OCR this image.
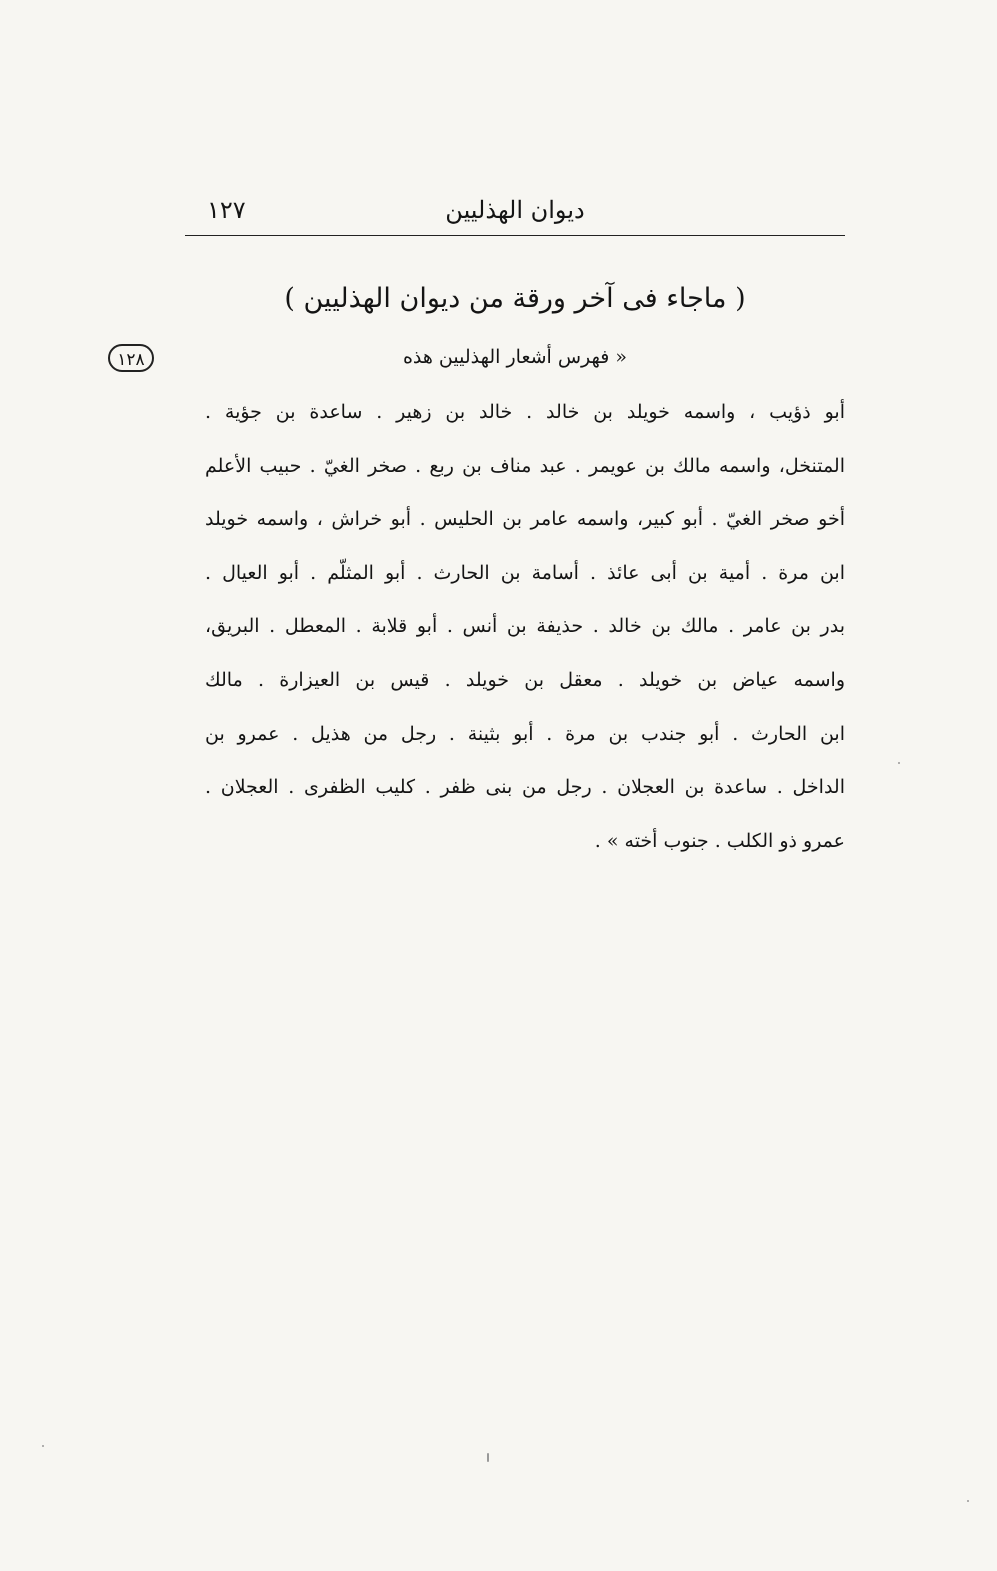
ديوان الهذليين
١٢٧
( ماجاء فى آخر ورقة من ديوان الهذليين )
« فهرس أشعار الهذليين هذه
١٢٨
أبو ذؤيب ، واسمه خويلد بن خالد . خالد بن زهير . ساعدة بن جؤية .
المتنخل، واسمه مالك بن عويمر . عبد مناف بن ربع . صخر الغيّ . حبيب الأعلم
أخو صخر الغيّ . أبو كبير، واسمه عامر بن الحليس . أبو خراش ، واسمه خويلد
ابن مرة . أمية بن أبى عائذ . أسامة بن الحارث . أبو المثلّم . أبو العيال .
بدر بن عامر . مالك بن خالد . حذيفة بن أنس . أبو قلابة . المعطل . البريق،
واسمه عياض بن خويلد . معقل بن خويلد . قيس بن العيزارة . مالك
ابن الحارث . أبو جندب بن مرة . أبو بثينة . رجل من هذيل . عمرو بن
الداخل . ساعدة بن العجلان . رجل من بنى ظفر . كليب الظفرى . العجلان .
عمرو ذو الكلب . جنوب أخته » .
